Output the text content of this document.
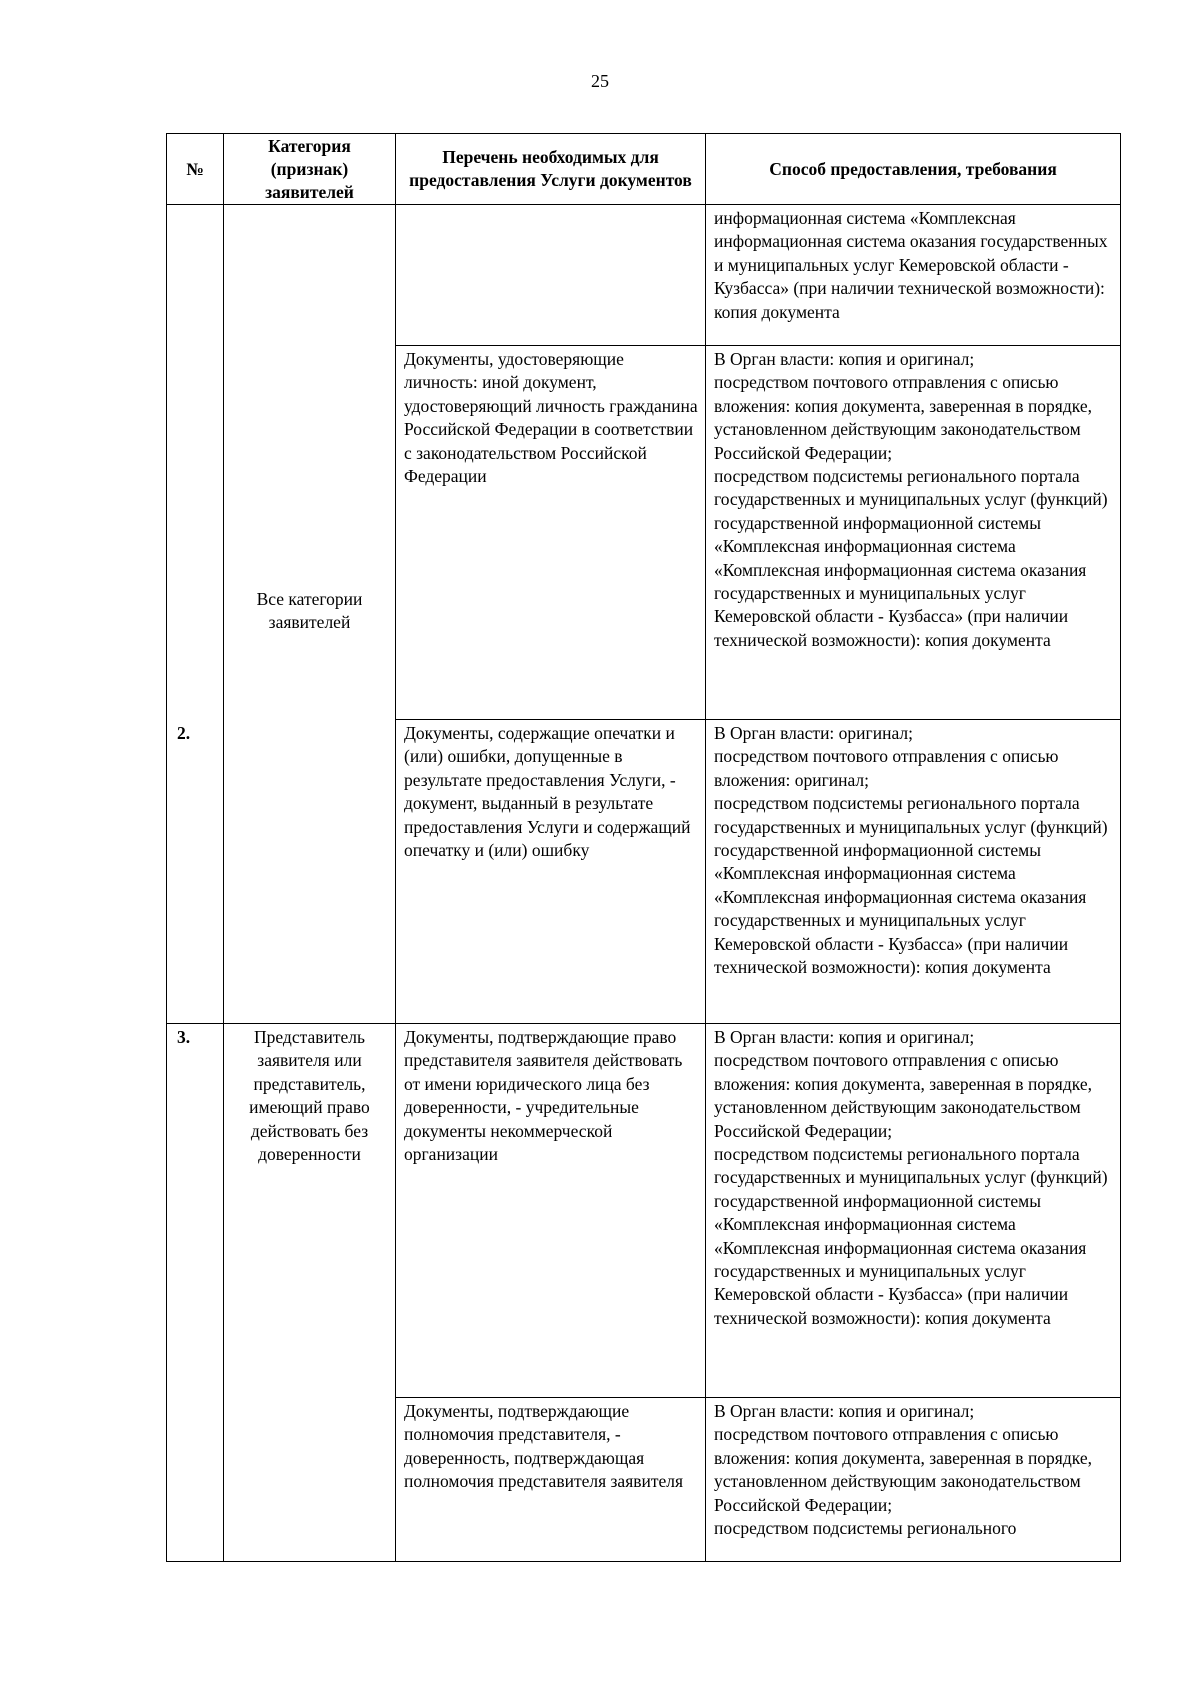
25
№	Категория (признак) заявителей	Перечень необходимых для предоставления Услуги документов	Способ предоставления, требования

	Все категории заявителей		информационная система «Комплексная информационная система оказания государственных и муниципальных услуг Кемеровской области - Кузбасса» (при наличии технической возможности): копия документа

		Документы, удостоверяющие личность: иной документ, удостоверяющий личность гражданина Российской Федерации в соответствии с законодательством Российской Федерации	В Орган власти: копия и оригинал;
посредством почтового отправления с описью вложения: копия документа, заверенная в порядке, установленном действующим законодательством Российской Федерации;
посредством подсистемы регионального портала государственных и муниципальных услуг (функций) государственной информационной системы «Комплексная информационная система «Комплексная информационная система оказания государственных и муниципальных услуг Кемеровской области - Кузбасса» (при наличии технической возможности): копия документа

2.		Документы, содержащие опечатки и (или) ошибки, допущенные в результате предоставления Услуги, - документ, выданный в результате предоставления Услуги и содержащий опечатку и (или) ошибку	В Орган власти: оригинал;
посредством почтового отправления с описью вложения: оригинал;
посредством подсистемы регионального портала государственных и муниципальных услуг (функций) государственной информационной системы «Комплексная информационная система «Комплексная информационная система оказания государственных и муниципальных услуг Кемеровской области - Кузбасса» (при наличии технической возможности): копия документа

3.	Представитель заявителя или представитель, имеющий право действовать без доверенности	Документы, подтверждающие право представителя заявителя действовать от имени юридического лица без доверенности, - учредительные документы некоммерческой организации	В Орган власти: копия и оригинал;
посредством почтового отправления с описью вложения: копия документа, заверенная в порядке, установленном действующим законодательством Российской Федерации;
посредством подсистемы регионального портала государственных и муниципальных услуг (функций) государственной информационной системы «Комплексная информационная система «Комплексная информационная система оказания государственных и муниципальных услуг Кемеровской области - Кузбасса» (при наличии технической возможности): копия документа

		Документы, подтверждающие полномочия представителя, - доверенность, подтверждающая полномочия представителя заявителя	В Орган власти: копия и оригинал;
посредством почтового отправления с описью вложения: копия документа, заверенная в порядке, установленном действующим законодательством Российской Федерации;
посредством подсистемы регионального
